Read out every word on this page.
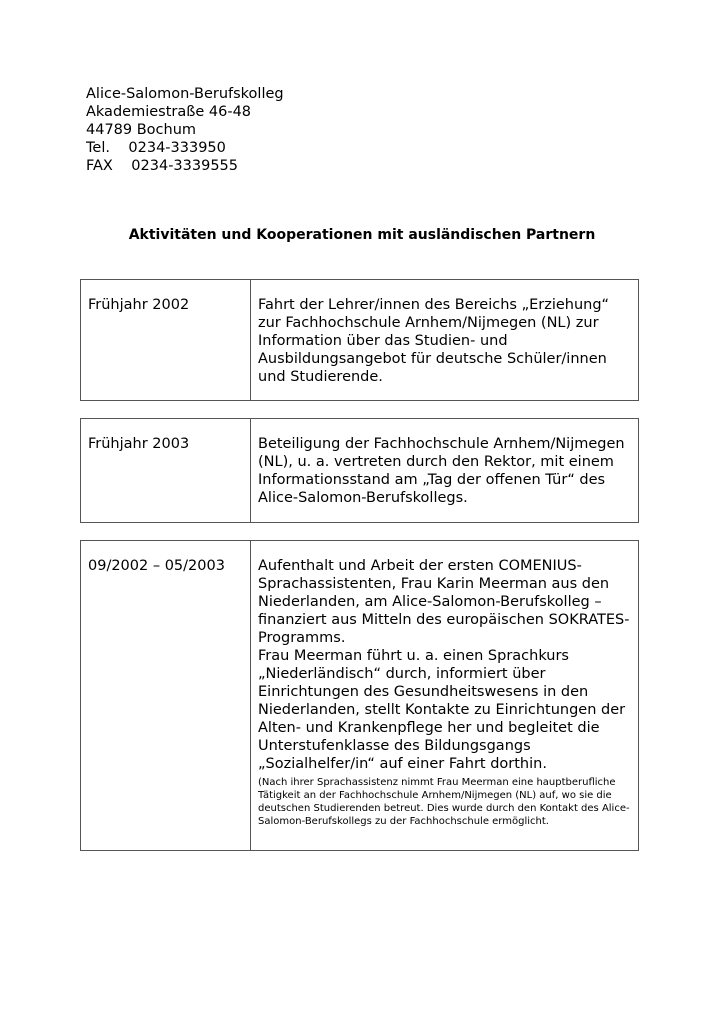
Alice-Salomon-Berufskolleg
Akademiestraße 46-48
44789 Bochum
Tel.    0234-333950
FAX    0234-3339555
Aktivitäten und Kooperationen mit ausländischen Partnern
Frühjahr 2002	Fahrt der Lehrer/innen des Bereichs „Erziehung“ zur Fachhochschule Arnhem/Nijmegen (NL) zur Information über das Studien- und Ausbildungsangebot für deutsche Schüler/innen und Studierende.

Frühjahr 2003	Beteiligung der Fachhochschule Arnhem/Nijmegen (NL), u. a. vertreten durch den Rektor, mit einem Informationsstand am „Tag der offenen Tür“ des Alice-Salomon-Berufskollegs.

09/2002 – 05/2003	Aufenthalt und Arbeit der ersten COMENIUS-Sprachassistenten, Frau Karin Meerman aus den Niederlanden, am Alice-Salomon-Berufskolleg – finanziert aus Mitteln des europäischen SOKRATES-Programms.

Frau Meerman führt u. a. einen Sprachkurs „Niederländisch“ durch, informiert über Einrichtungen des Gesundheitswesens in den Niederlanden, stellt Kontakte zu Einrichtungen der Alten- und Krankenpflege her und begleitet die Unterstufenklasse des Bildungsgangs „Sozialhelfer/in“ auf einer Fahrt dorthin.

(Nach ihrer Sprachassistenz nimmt Frau Meerman eine hauptberufliche Tätigkeit an der Fachhochschule Arnhem/Nijmegen (NL) auf, wo sie die deutschen Studierenden betreut. Dies wurde durch den Kontakt des Alice-Salomon-Berufskollegs zu der Fachhochschule ermöglicht.
